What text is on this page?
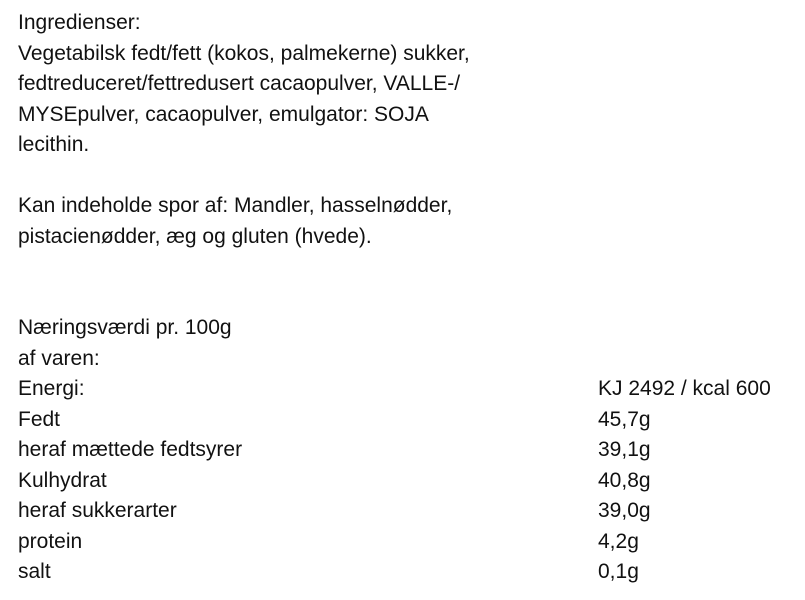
Ingredienser:
Vegetabilsk fedt/fett (kokos, palmekerne) sukker,
fedtreduceret/fettredusert cacaopulver, VALLE-/
MYSEpulver, cacaopulver, emulgator: SOJA
lecithin.
Kan indeholde spor af: Mandler, hasselnødder,
pistacienødder, æg og gluten (hvede).
Næringsværdi pr. 100g
af varen:
Energi:	KJ 2492 / kcal 600
Fedt	45,7g
heraf mættede fedtsyrer	39,1g
Kulhydrat	40,8g
heraf sukkerarter	39,0g
protein	4,2g
salt	0,1g
